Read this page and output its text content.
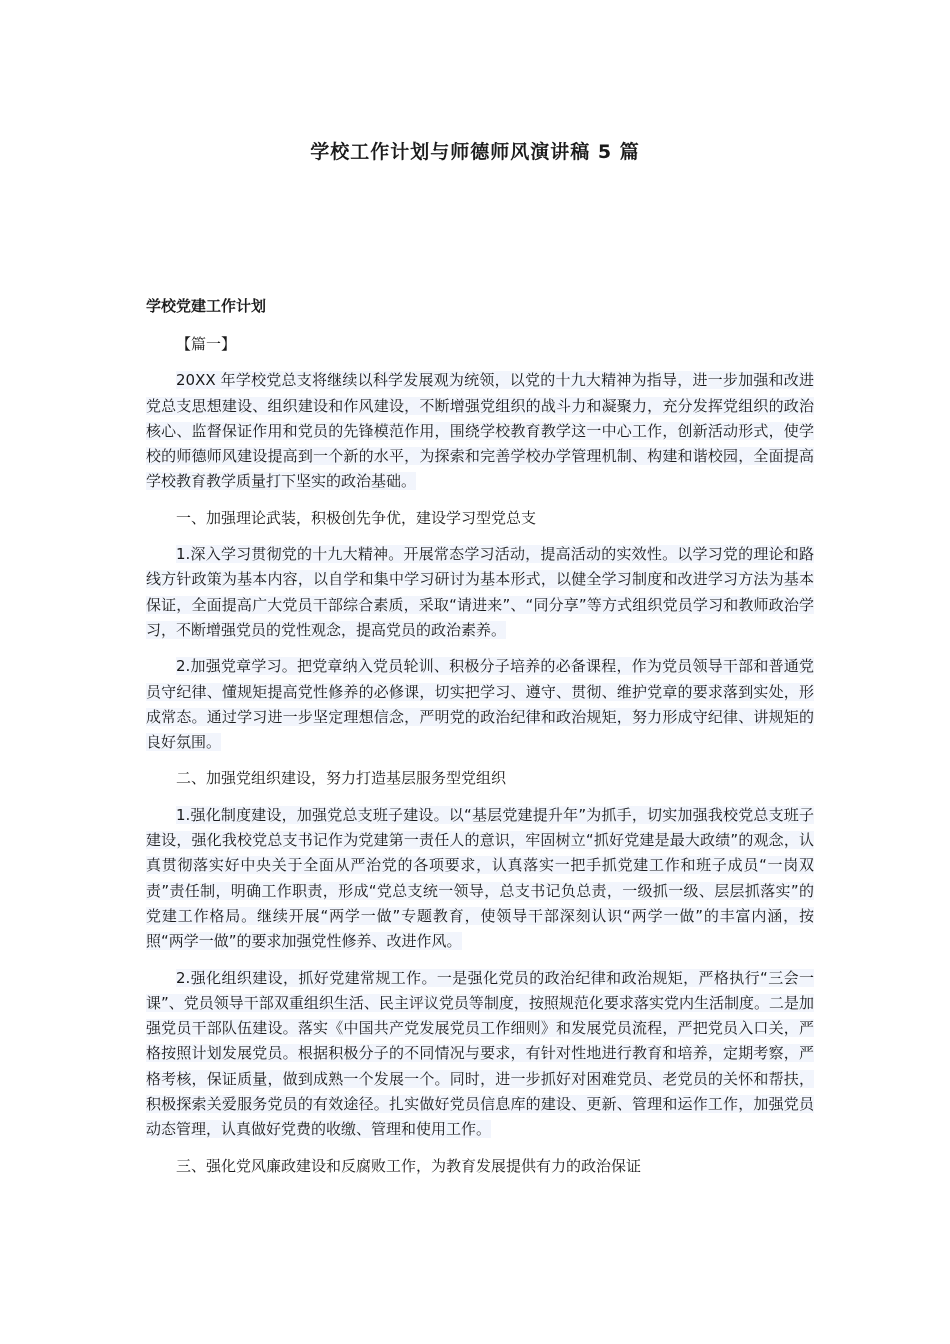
学校工作计划与师德师风演讲稿 5 篇
学校党建工作计划
【篇一】
20XX 年学校党总支将继续以科学发展观为统领，以党的十九大精神为指导，进一步加强和改进党总支思想建设、组织建设和作风建设，不断增强党组织的战斗力和凝聚力，充分发挥党组织的政治核心、监督保证作用和党员的先锋模范作用，围绕学校教育教学这一中心工作，创新活动形式，使学校的师德师风建设提高到一个新的水平，为探索和完善学校办学管理机制、构建和谐校园，全面提高学校教育教学质量打下坚实的政治基础。
一、加强理论武装，积极创先争优，建设学习型党总支
1.深入学习贯彻党的十九大精神。开展常态学习活动，提高活动的实效性。以学习党的理论和路线方针政策为基本内容，以自学和集中学习研讨为基本形式，以健全学习制度和改进学习方法为基本保证，全面提高广大党员干部综合素质，采取“请进来”、“同分享”等方式组织党员学习和教师政治学习，不断增强党员的党性观念，提高党员的政治素养。
2.加强党章学习。把党章纳入党员轮训、积极分子培养的必备课程，作为党员领导干部和普通党员守纪律、懂规矩提高党性修养的必修课，切实把学习、遵守、贯彻、维护党章的要求落到实处，形成常态。通过学习进一步坚定理想信念，严明党的政治纪律和政治规矩，努力形成守纪律、讲规矩的良好氛围。
二、加强党组织建设，努力打造基层服务型党组织
1.强化制度建设，加强党总支班子建设。以“基层党建提升年”为抓手，切实加强我校党总支班子建设，强化我校党总支书记作为党建第一责任人的意识，牢固树立“抓好党建是最大政绩”的观念，认真贯彻落实好中央关于全面从严治党的各项要求，认真落实一把手抓党建工作和班子成员“一岗双责”责任制，明确工作职责，形成“党总支统一领导，总支书记负总责，一级抓一级、层层抓落实”的党建工作格局。继续开展“两学一做”专题教育，使领导干部深刻认识“两学一做”的丰富内涵，按照“两学一做”的要求加强党性修养、改进作风。
2.强化组织建设，抓好党建常规工作。一是强化党员的政治纪律和政治规矩，严格执行“三会一课”、党员领导干部双重组织生活、民主评议党员等制度，按照规范化要求落实党内生活制度。二是加强党员干部队伍建设。落实《中国共产党发展党员工作细则》和发展党员流程，严把党员入口关，严格按照计划发展党员。根据积极分子的不同情况与要求，有针对性地进行教育和培养，定期考察，严格考核，保证质量，做到成熟一个发展一个。同时，进一步抓好对困难党员、老党员的关怀和帮扶，积极探索关爱服务党员的有效途径。扎实做好党员信息库的建设、更新、管理和运作工作，加强党员动态管理，认真做好党费的收缴、管理和使用工作。
三、强化党风廉政建设和反腐败工作，为教育发展提供有力的政治保证
